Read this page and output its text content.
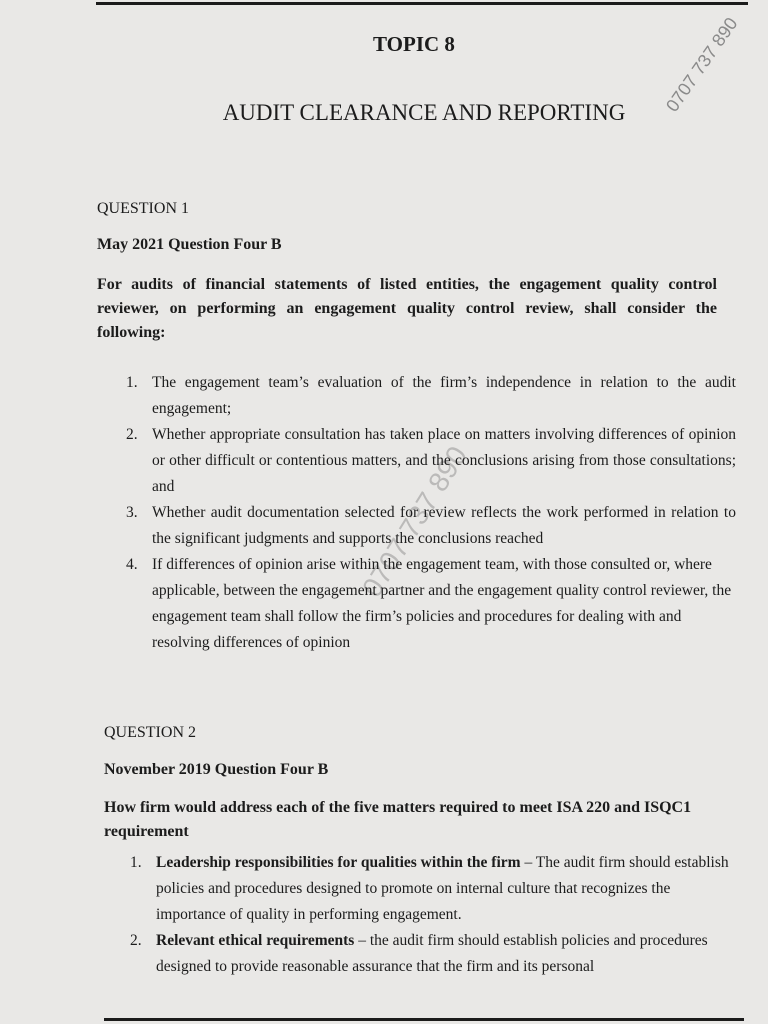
TOPIC 8
AUDIT CLEARANCE AND REPORTING	0707 737 890
0707 737 890
QUESTION 1
May 2021 Question Four B
For audits of financial statements of listed entities, the engagement quality control reviewer, on performing an engagement quality control review, shall consider the following:
1. The engagement team’s evaluation of the firm’s independence in relation to the audit engagement;
2. Whether appropriate consultation has taken place on matters involving differences of opinion or other difficult or contentious matters, and the conclusions arising from those consultations; and
3. Whether audit documentation selected for review reflects the work performed in relation to the significant judgments and supports the conclusions reached
4. If differences of opinion arise within the engagement team, with those consulted or, where applicable, between the engagement partner and the engagement quality control reviewer, the engagement team shall follow the firm’s policies and procedures for dealing with and resolving differences of opinion
QUESTION 2
November 2019 Question Four B
How firm would address each of the five matters required to meet ISA 220 and ISQC1 requirement
1. Leadership responsibilities for qualities within the firm – The audit firm should establish policies and procedures designed to promote on internal culture that recognizes the importance of quality in performing engagement.
2. Relevant ethical requirements – the audit firm should establish policies and procedures designed to provide reasonable assurance that the firm and its personal
